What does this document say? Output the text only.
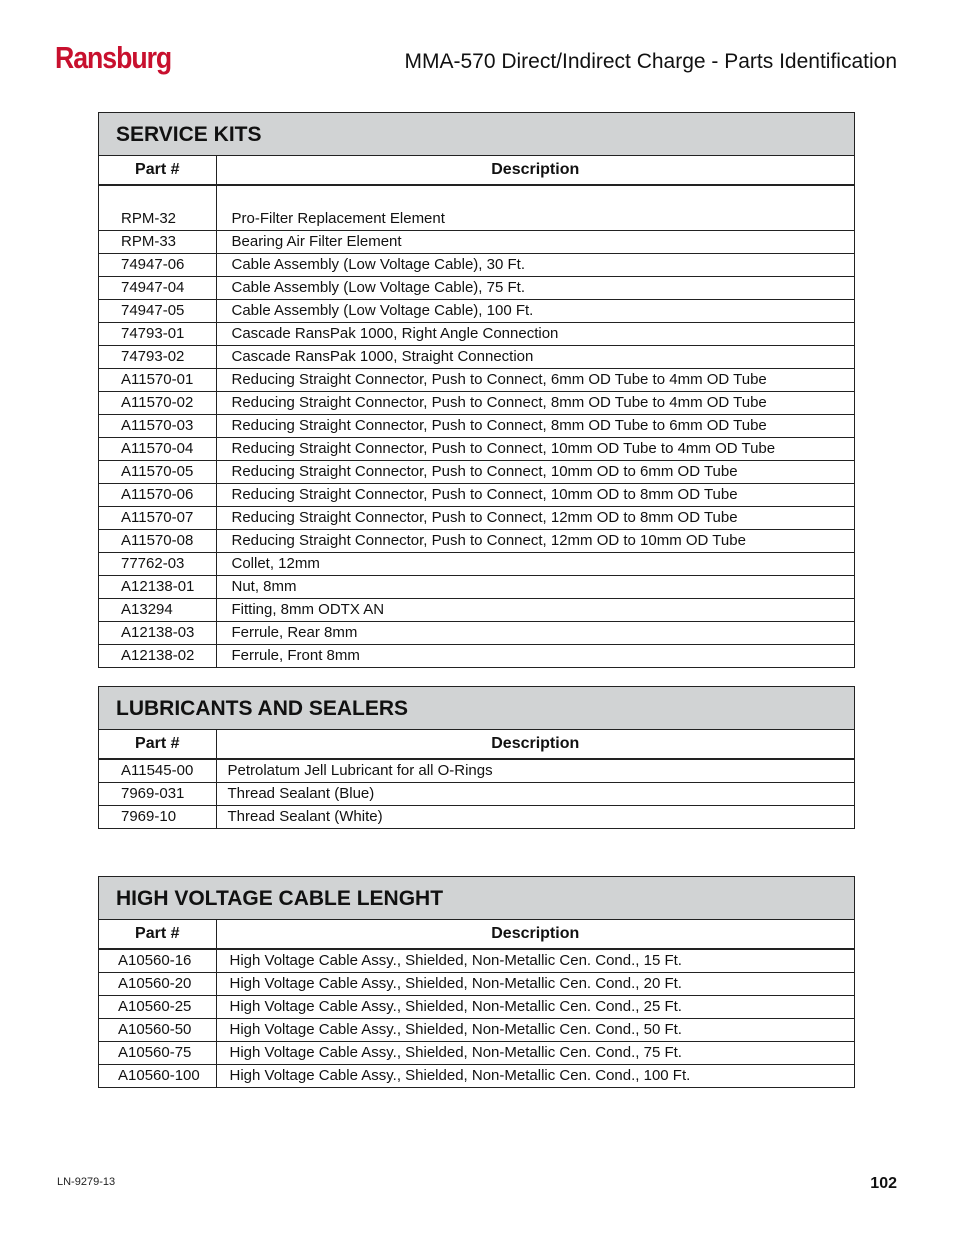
Ransburg	MMA-570 Direct/Indirect Charge - Parts Identification
SERVICE KITS
Part #	Description

RPM-32	Pro-Filter Replacement Element
RPM-33	Bearing Air Filter Element
74947-06	Cable Assembly (Low Voltage Cable), 30 Ft.
74947-04	Cable Assembly (Low Voltage Cable), 75 Ft.
74947-05	Cable Assembly (Low Voltage Cable), 100 Ft.
74793-01	Cascade RansPak 1000, Right Angle Connection
74793-02	Cascade RansPak 1000, Straight Connection
A11570-01	Reducing Straight Connector, Push to Connect, 6mm OD Tube to 4mm OD Tube
A11570-02	Reducing Straight Connector, Push to Connect, 8mm OD Tube to 4mm OD Tube
A11570-03	Reducing Straight Connector, Push to Connect, 8mm OD Tube to 6mm OD Tube
A11570-04	Reducing Straight Connector, Push to Connect, 10mm OD Tube to 4mm OD Tube
A11570-05	Reducing Straight Connector, Push to Connect, 10mm OD to 6mm OD Tube
A11570-06	Reducing Straight Connector, Push to Connect, 10mm OD to 8mm OD Tube
A11570-07	Reducing Straight Connector, Push to Connect, 12mm OD to 8mm OD Tube
A11570-08	Reducing Straight Connector, Push to Connect, 12mm OD to 10mm OD Tube
77762-03	Collet, 12mm
A12138-01	Nut, 8mm
A13294	Fitting, 8mm ODTX AN
A12138-03	Ferrule, Rear 8mm
A12138-02	Ferrule, Front 8mm
LUBRICANTS AND SEALERS
Part #	Description
A11545-00	Petrolatum Jell Lubricant for all O-Rings
7969-031	Thread Sealant (Blue)
7969-10	Thread Sealant (White)
HIGH VOLTAGE CABLE LENGHT
Part #	Description
A10560-16	High Voltage Cable Assy., Shielded, Non-Metallic Cen. Cond., 15 Ft.
A10560-20	High Voltage Cable Assy., Shielded, Non-Metallic Cen. Cond., 20 Ft.
A10560-25	High Voltage Cable Assy., Shielded, Non-Metallic Cen. Cond., 25 Ft.
A10560-50	High Voltage Cable Assy., Shielded, Non-Metallic Cen. Cond., 50 Ft.
A10560-75	High Voltage Cable Assy., Shielded, Non-Metallic Cen. Cond., 75 Ft.
A10560-100	High Voltage Cable Assy., Shielded, Non-Metallic Cen. Cond., 100 Ft.
LN-9279-13	102
